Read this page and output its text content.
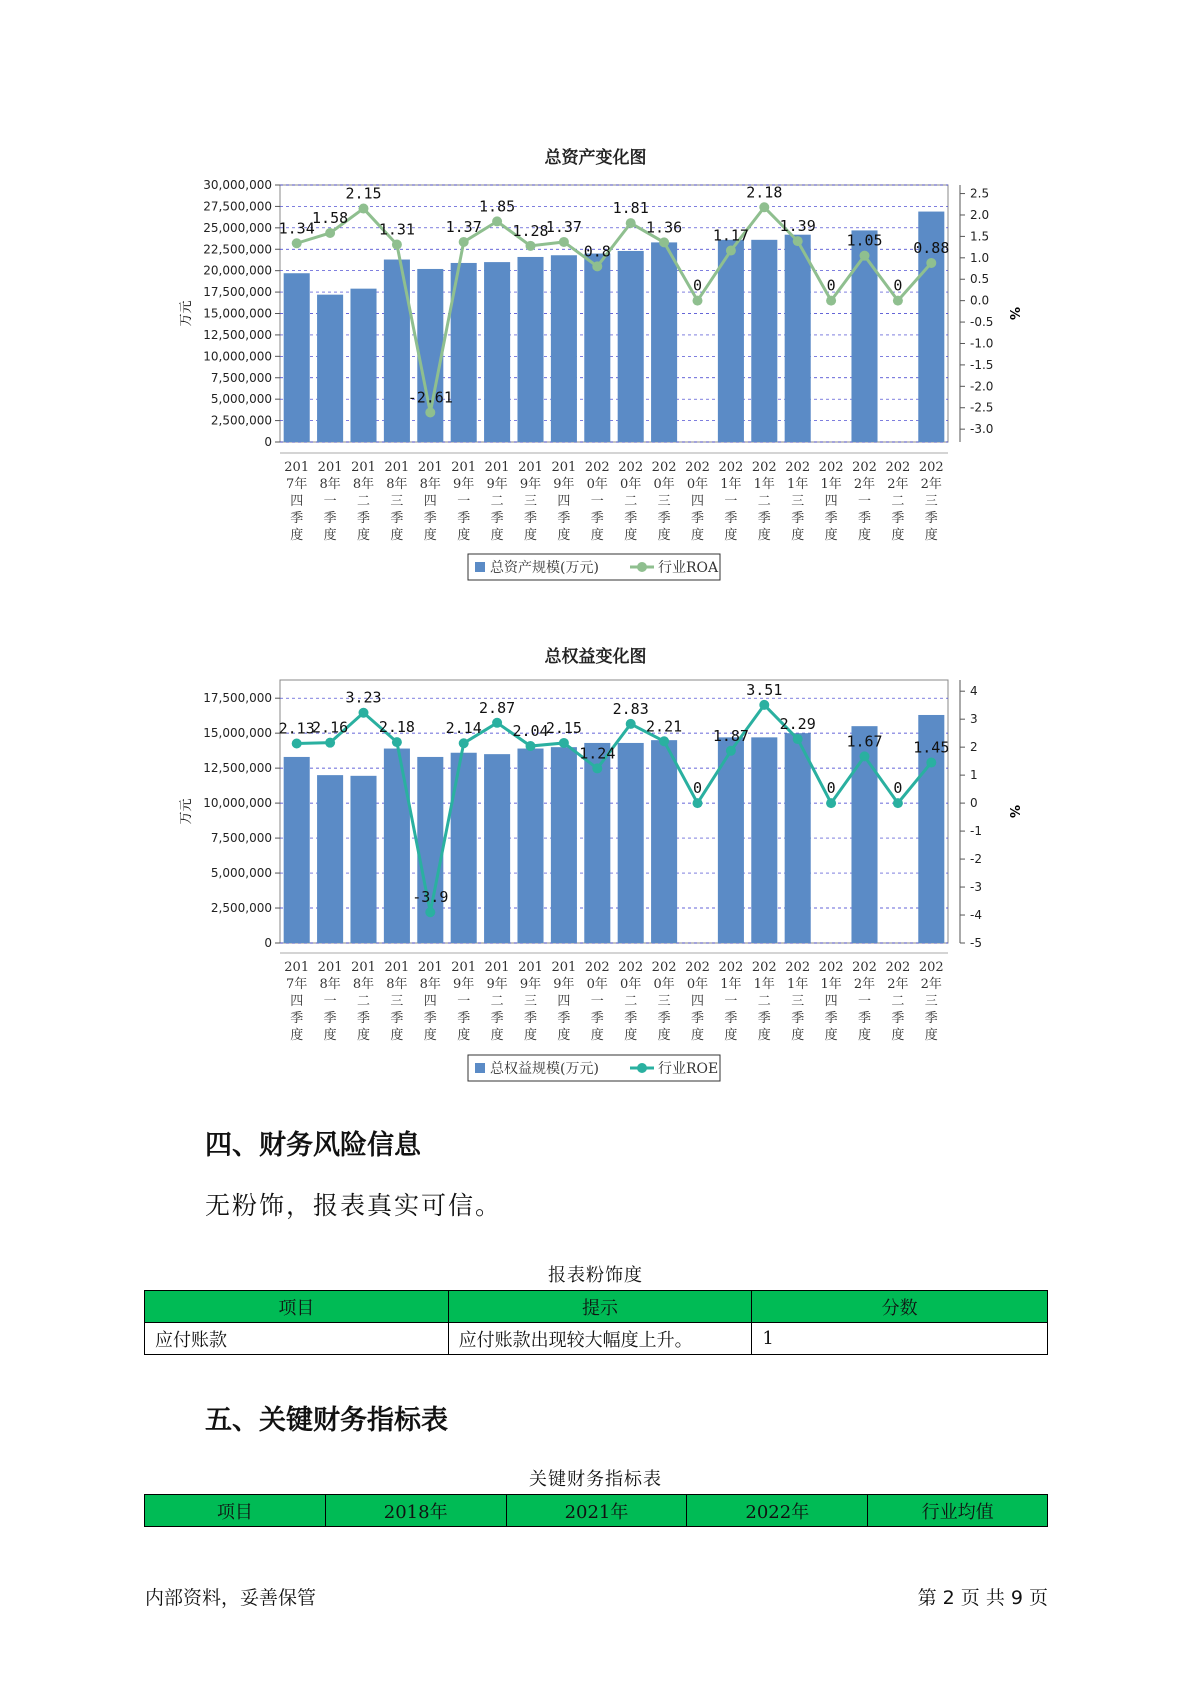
总资产变化图
0
2,500,000
5,000,000
7,500,000
10,000,000
12,500,000
15,000,000
17,500,000
20,000,000
22,500,000
25,000,000
27,500,000
30,000,000
2.5
2.0
1.5
1.0
0.5
0.0
-0.5
-1.0
-1.5
-2.0
-2.5
-3.0
万元	%
201 7年四季度
201 8年一季度
201 8年二季度
201 8年三季度
201 8年四季度
201 9年一季度
201 9年二季度
201 9年三季度
201 9年四季度
202 0年一季度
202 0年二季度
202 0年三季度
202 0年四季度
202 1年一季度
202 1年二季度
202 1年三季度
202 1年四季度
202 2年一季度
202 2年二季度
202 2年三季度
1.34
1.58
2.15
1.31
-2.61
1.37
1.85
1.28
1.37
0.8
1.81
1.36
0
1.17
2.18
1.39
0
1.05
0
0.88
总资产规模(万元)	行业ROA
总权益变化图
0
2,500,000
5,000,000
7,500,000
10,000,000
12,500,000
15,000,000
17,500,000	4
3
2
1
0
-1
-2
-3
-4
-5
万元	%
201 7年四季度
201 8年一季度
201 8年二季度
201 8年三季度
201 8年四季度
201 9年一季度
201 9年二季度
201 9年三季度
201 9年四季度
202 0年一季度
202 0年二季度
202 0年三季度
202 0年四季度
202 1年一季度
202 1年二季度
202 1年三季度
202 1年四季度
202 2年一季度
202 2年二季度
202 2年三季度
2.13
2.16
3.23
2.18
-3.9
2.14
2.87
2.04
2.15
1.24
2.83
2.21
0
1.87
3.51
2.29
0
1.67
0
1.45
总权益规模(万元)	行业ROE
四、财务风险信息
无粉饰，报表真实可信。
报表粉饰度
项目	提示	分数
应付账款	应付账款出现较大幅度上升。	1
五、关键财务指标表
关键财务指标表
项目	2018年	2021年	2022年	行业均值
内部资料，妥善保管	第 2 页 共 9 页
